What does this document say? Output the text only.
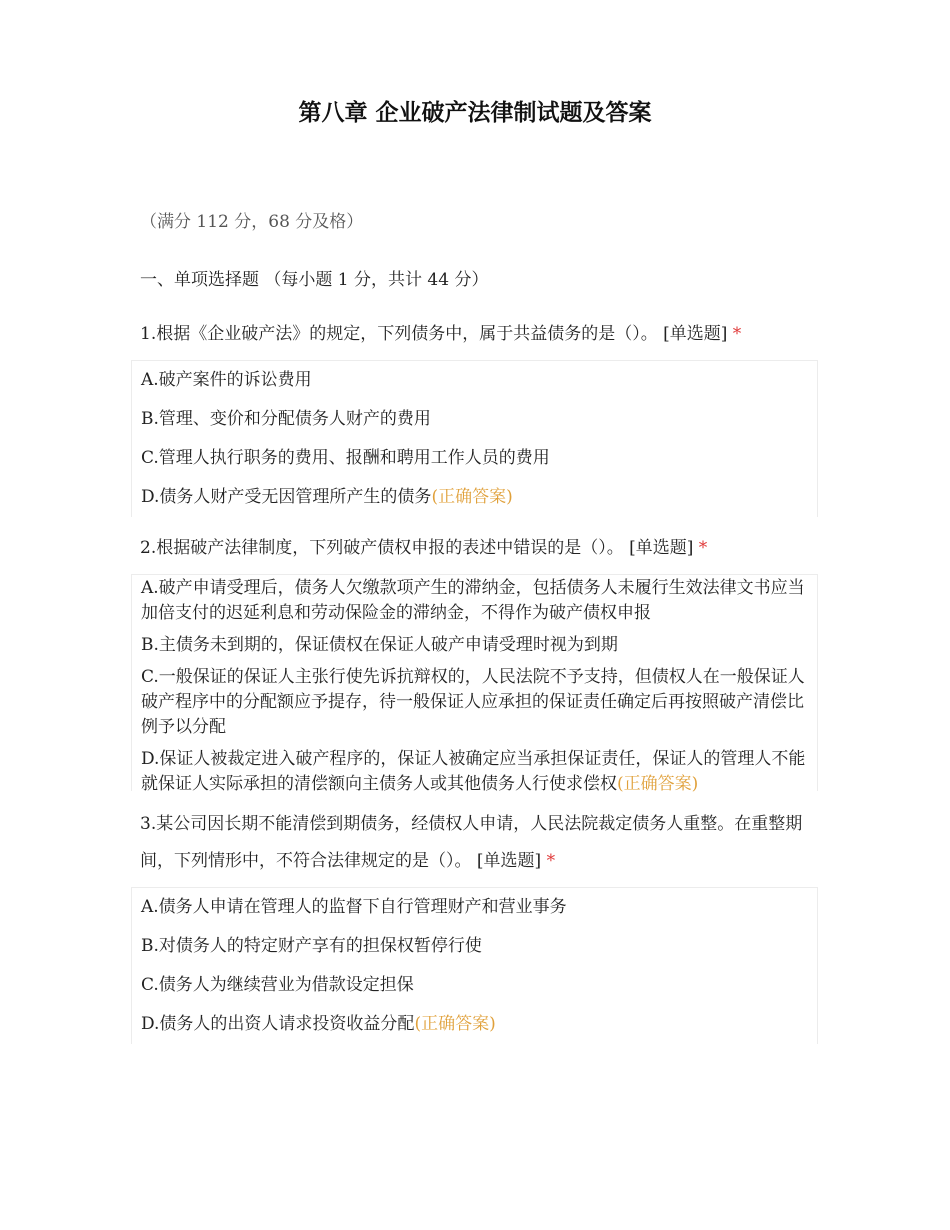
第八章 企业破产法律制试题及答案
（满分 112 分，68 分及格）
一、单项选择题 （每小题 1 分，共计 44 分）
1.根据《企业破产法》的规定，下列债务中，属于共益债务的是（）。 [单选题] *
A.破产案件的诉讼费用
B.管理、变价和分配债务人财产的费用
C.管理人执行职务的费用、报酬和聘用工作人员的费用
D.债务人财产受无因管理所产生的债务(正确答案)
2.根据破产法律制度，下列破产债权申报的表述中错误的是（）。 [单选题] *
A.破产申请受理后，债务人欠缴款项产生的滞纳金，包括债务人未履行生效法律文书应当加倍支付的迟延利息和劳动保险金的滞纳金，不得作为破产债权申报
B.主债务未到期的，保证债权在保证人破产申请受理时视为到期
C.一般保证的保证人主张行使先诉抗辩权的，人民法院不予支持，但债权人在一般保证人破产程序中的分配额应予提存，待一般保证人应承担的保证责任确定后再按照破产清偿比例予以分配
D.保证人被裁定进入破产程序的，保证人被确定应当承担保证责任，保证人的管理人不能就保证人实际承担的清偿额向主债务人或其他债务人行使求偿权(正确答案)
3.某公司因长期不能清偿到期债务，经债权人申请，人民法院裁定债务人重整。在重整期间，下列情形中，不符合法律规定的是（）。 [单选题] *
A.债务人申请在管理人的监督下自行管理财产和营业事务
B.对债务人的特定财产享有的担保权暂停行使
C.债务人为继续营业为借款设定担保
D.债务人的出资人请求投资收益分配(正确答案)
